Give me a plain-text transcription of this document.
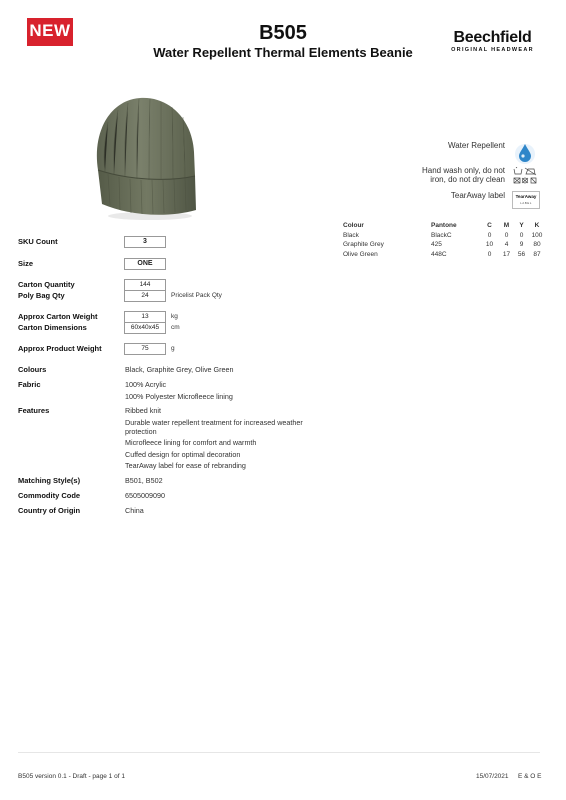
NEW	B505
Water Repellent Thermal Elements Beanie
Beechfield
ORIGINAL HEADWEAR
Water Repellent
Hand wash only, do not
iron, do not dry clean
TearAway label	TearAway
LABEL
Colour	Pantone	C	M	Y	K
Black	BlackC	0	0	0	100
Graphite Grey	425	10	4	9	80
Olive Green	448C	0	17	56	87
SKU Count	3
Size	ONE
Carton Quantity	144
Poly Bag Qty	24	Pricelist Pack Qty
Approx Carton Weight	13	kg
Carton Dimensions	60x40x45	cm
Approx Product Weight	75	g
Colours	Black, Graphite Grey, Olive Green
Fabric	100% Acrylic
100% Polyester Microfleece lining
Features	Ribbed knit
Durable water repellent treatment for increased weather
protection
Microfleece lining for comfort and warmth
Cuffed design for optimal decoration
TearAway label for ease of rebranding
Matching Style(s)	B501, B502
Commodity Code	6505009090
Country of Origin	China
B505 version 0.1 - Draft - page 1 of 1	15/07/2021 E & O E
